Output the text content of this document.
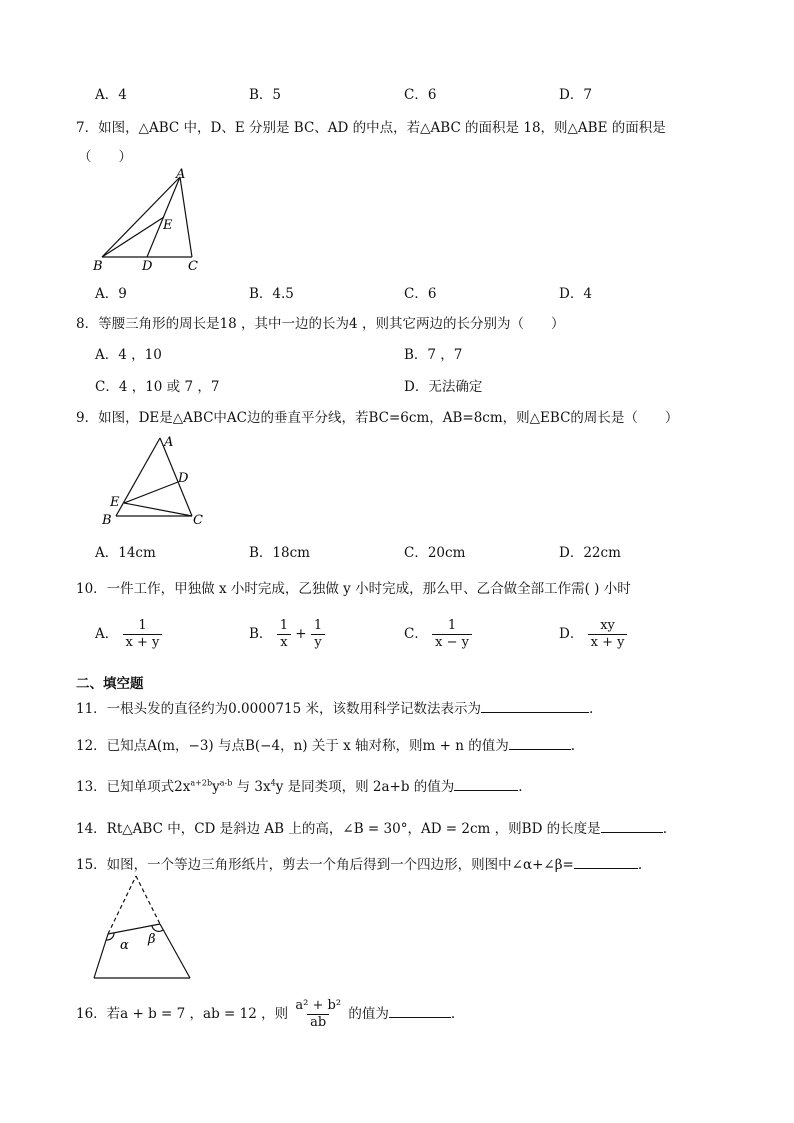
A．4	B．5	C．6	D．7
7．如图，△ABC 中，D、E 分别是 BC、AD 的中点，若△ABC 的面积是 18，则△ABE 的面积是
（　　）
A
B	C
D
E
A．9	B．4.5	C．6	D．4
8．等腰三角形的周长是18 ，其中一边的长为4 ，则其它两边的长分别为（　　）
A．4 ，10	B．7 ，7
C．4 ，10 或 7 ，7	D．无法确定
9．如图，DE是△ABC中AC边的垂直平分线，若BC=6cm，AB=8cm，则△EBC的周长是（　　）
A
B	C
D
E
A．14cm	B．18cm	C．20cm	D．22cm
10．一件工作，甲独做 x 小时完成，乙独做 y 小时完成，那么甲、乙合做全部工作需( ) 小时
A． $\frac{1}{x + y}$	B． $\frac{1}{x} + \frac{1}{y}$	C． $\frac{1}{x - y}$	D． $\frac{xy}{x + y}$
二、填空题
11．一根头发的直径约为0.0000715 米，该数用科学记数法表示为	.
12．已知点A(m，−3) 与点B(−4，n) 关于 x 轴对称，则m + n 的值为	.
13．已知单项式$2x^{a+2b}y^{a-b}$ 与 $3x^4y$ 是同类项，则 2a+b 的值为	.
14．Rt△ABC 中，CD 是斜边 AB 上的高，∠B = 30°，AD = 2cm ，则BD 的长度是	.
15．如图，一个等边三角形纸片，剪去一个角后得到一个四边形，则图中∠α+∠β=	.
α β
16．若a + b = 7 ，ab = 12 ，则 $\frac{\text{a² + b²}}{ab}$ 的值为	.
